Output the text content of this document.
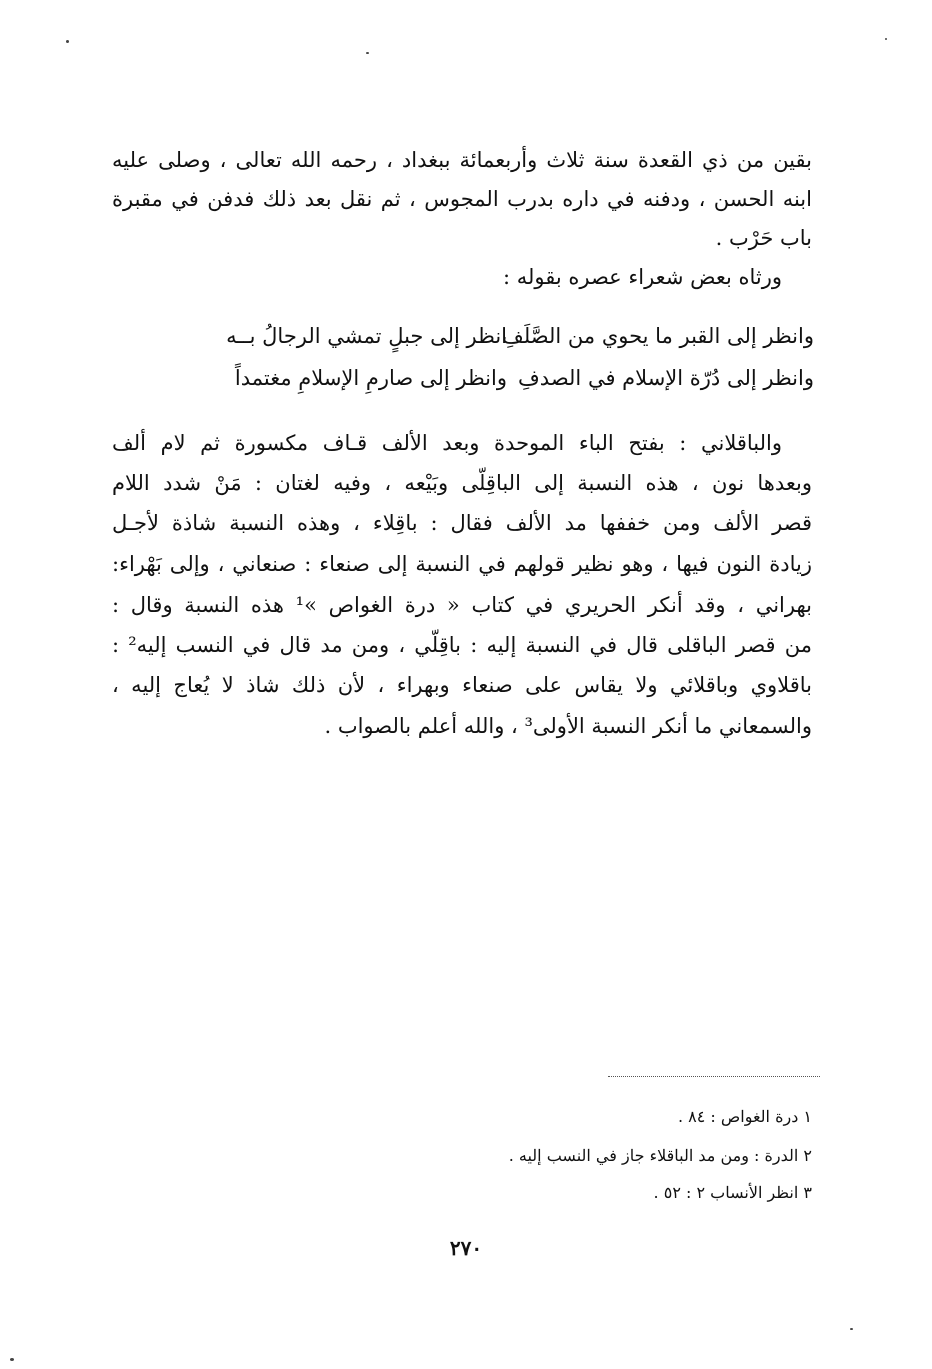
بقين من ذي القعدة سنة ثلاث وأربعمائة ببغداد ، رحمه الله تعالى ، وصلى عليه
ابنه الحسن ، ودفنه في داره بدرب المجوس ، ثم نقل بعد ذلك فدفن في مقبرة
باب حَرْب .
ورثاه بعض شعراء عصره بقوله :
انظر إلى جبلٍ تمشي الرجالُ بــه
وانظر إلى القبر ما يحوي من الصَّلَفِ
وانظر إلى صارمِ الإسلامِ مغتمداً وانظر إلى دُرّة الإسلام في الصدفِ
والباقلاني : بفتح الباء الموحدة وبعد الألف قـاف مكسورة ثم لام ألف
وبعدها نون ، هذه النسبة إلى الباقِلّى وبَيْعه ، وفيه لغتان : مَنْ شدد اللام
قصر الألف ومن خففها مد الألف فقال : باقِلاء ، وهذه النسبة شاذة لأجـل
زيادة النون فيها ، وهو نظير قولهم في النسبة إلى صنعاء : صنعاني ، وإلى بَهْراء:
بهراني ، وقد أنكر الحريري في كتاب « درة الغواص »¹ هذه النسبة وقال :
من قصر الباقلى قال في النسبة إليه : باقِلّي ، ومن مد قال في النسب إليه² :
باقلاوي وباقلائي ولا يقاس على صنعاء وبهراء ، لأن ذلك شاذ لا يُعاج إليه ،
والسمعاني ما أنكر النسبة الأولى³ ، والله أعلم بالصواب .
١ درة الغواص : ٨٤ .
٢ الدرة : ومن مد الباقلاء جاز في النسب إليه .
٣ انظر الأنساب ٢ : ٥٢ .
٢٧٠
